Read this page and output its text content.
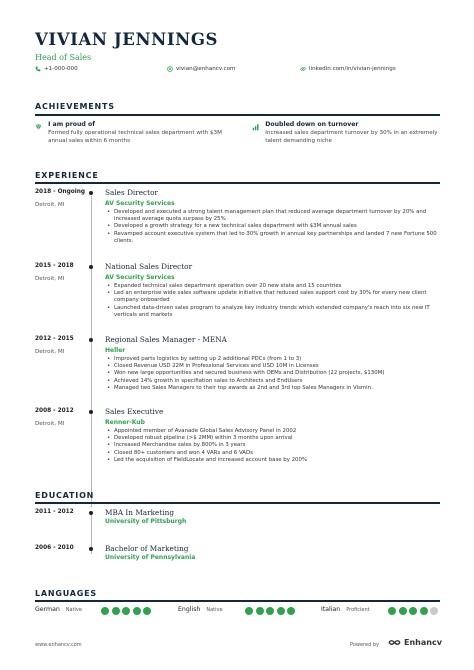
VIVIAN JENNINGS
Head of Sales
+1-000-000	vivian@enhancv.com	linkedin.com/in/vivian-jennings
ACHIEVEMENTS
I am proud of
Formed fully operational technical sales department with $3M annual sales within 6 months
Doubled down on turnover
Increased sales department turnover by 30% in an extremely talent demanding niche
EXPERIENCE
2018 - Ongoing
Detroit, MI
Sales Director
AV Security Services
• Developed and executed a strong talent management plan that reduced average department turnover by 20% and increased average quota surpass by 25%
• Developed a growth strategy for a new technical sales department with $3M annual sales
• Revamped account executive system that led to 30% growth in annual key partnerships and landed 7 new Fortune 500 clients.
2015 - 2018
Detroit, MI
National Sales Director
AV Security Services
• Expanded technical sales department operation over 20 new state and 15 countries
• Led an enterprise wide sales software update initiative that reduced sales support cost by 30% for every new client company onboarded
• Launched data-driven sales program to analyze key industry trends which extended company's reach into six new IT verticals and markets
2012 - 2015
Detroit, MI
Regional Sales Manager - MENA
Heller
• Improved parts logistics by setting up 2 additional PDCs (from 1 to 3)
• Closed Revenue USD 22M in Professional Services and USD 10M in Licenses
• Won new large opportunities and secured business with OEMs and Distribution (22 projects, $130M)
• Achieved 14% growth in specifiation sales to Architects and EndUsers
• Managed two Sales Managers to their top awards as 2nd and 3rd top Sales Managers in Vismin.
2008 - 2012
Detroit, MI
Sales Executive
Renner-Kub
• Appointed member of Avanade Global Sales Advisory Panel in 2002
• Developed robust pipeline (>$ 2MM) within 3 months upon arrival
• Increased Merchandise sales by 800% in 3 years
• Closed 80+ customers and won 4 VARs and 6 VADs
• Led the acquisition of FieldLocate and increased account base by 200%
EDUCATION
2011 - 2012	MBA In Marketing
University of Pittsburgh
2006 - 2010	Bachelor of Marketing
University of Pennsylvania
LANGUAGES
German Native	English Native	Italian Proficient
www.enhancv.com	Powered by	Enhancv
